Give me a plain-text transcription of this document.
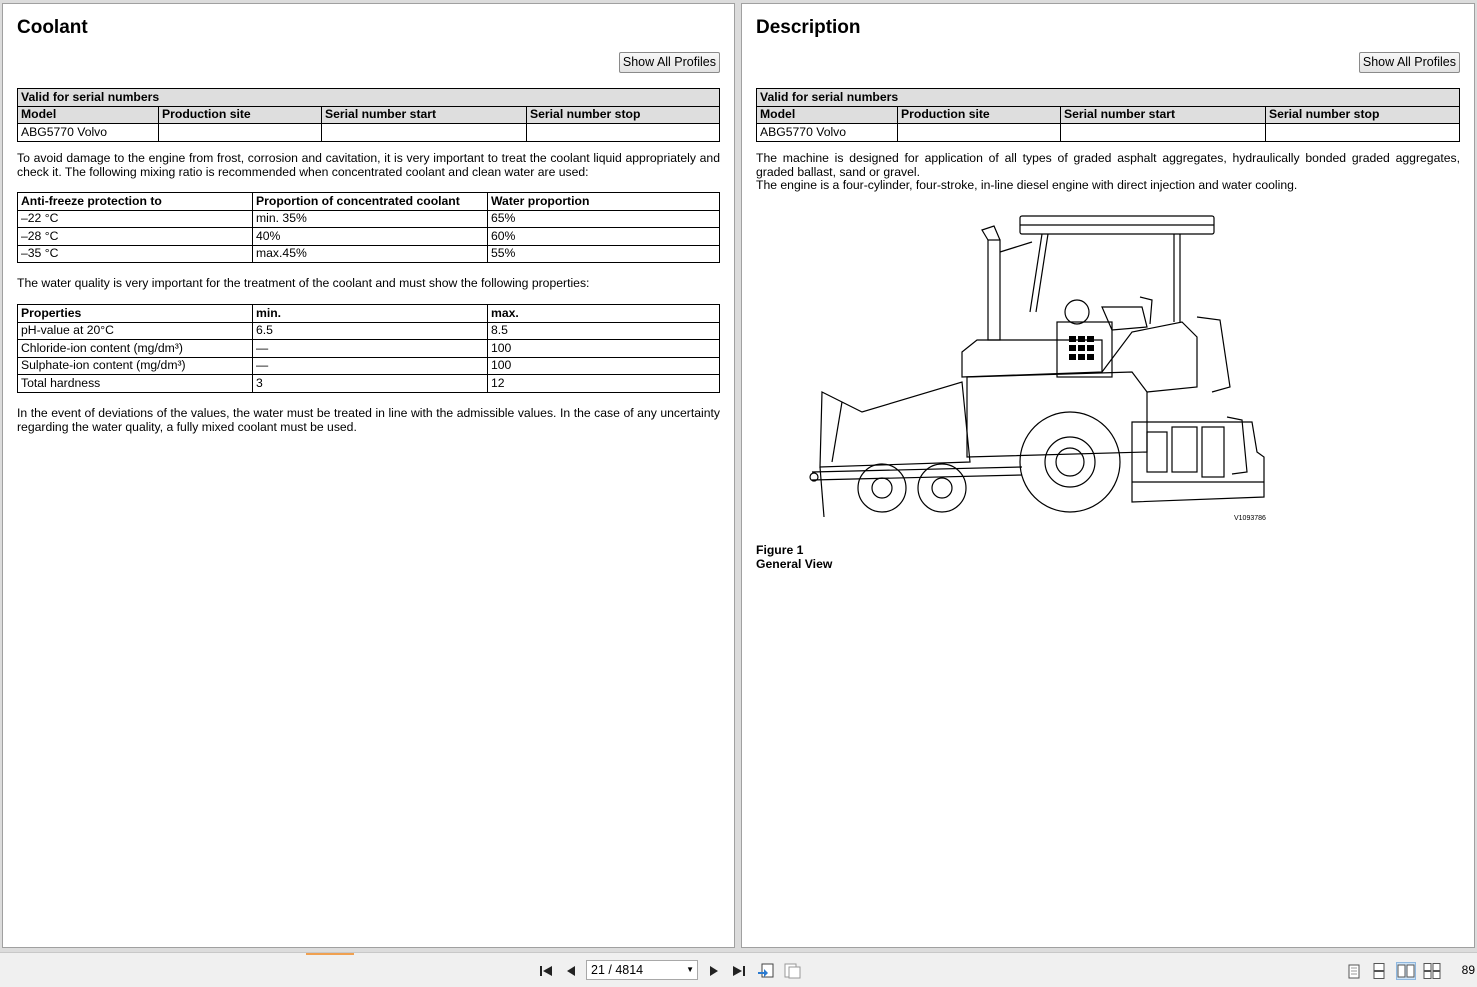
Coolant
Show All Profiles
Valid for serial numbers			
Model	Production site	Serial number start	Serial number stop
ABG5770 Volvo			

To avoid damage to the engine from frost, corrosion and cavitation, it is very important to treat the coolant liquid appropriately and check it. The following mixing ratio is recommended when concentrated coolant and clean water are used:

Anti-freeze protection to	Proportion of concentrated coolant	Water proportion
–22 °C	min. 35%	65%
–28 °C	40%	60%
–35 °C	max.45%	55%

The water quality is very important for the treatment of the coolant and must show the following properties:

Properties	min.	max.
pH-value at 20°C	6.5	8.5
Chloride-ion content (mg/dm³)	—	100
Sulphate-ion content (mg/dm³)	—	100
Total hardness	3	12

In the event of deviations of the values, the water must be treated in line with the admissible values. In the case of any uncertainty regarding the water quality, a fully mixed coolant must be used.

Description
Show All Profiles
Valid for serial numbers			
Model	Production site	Serial number start	Serial number stop
ABG5770 Volvo			

The machine is designed for application of all types of graded asphalt aggregates, hydraulically bonded graded aggregates, graded ballast, sand or gravel.

The engine is a four-cylinder, four-stroke, in-line diesel engine with direct injection and water cooling.

V1093786
Figure 1
General View
21 / 4814	▼	89
